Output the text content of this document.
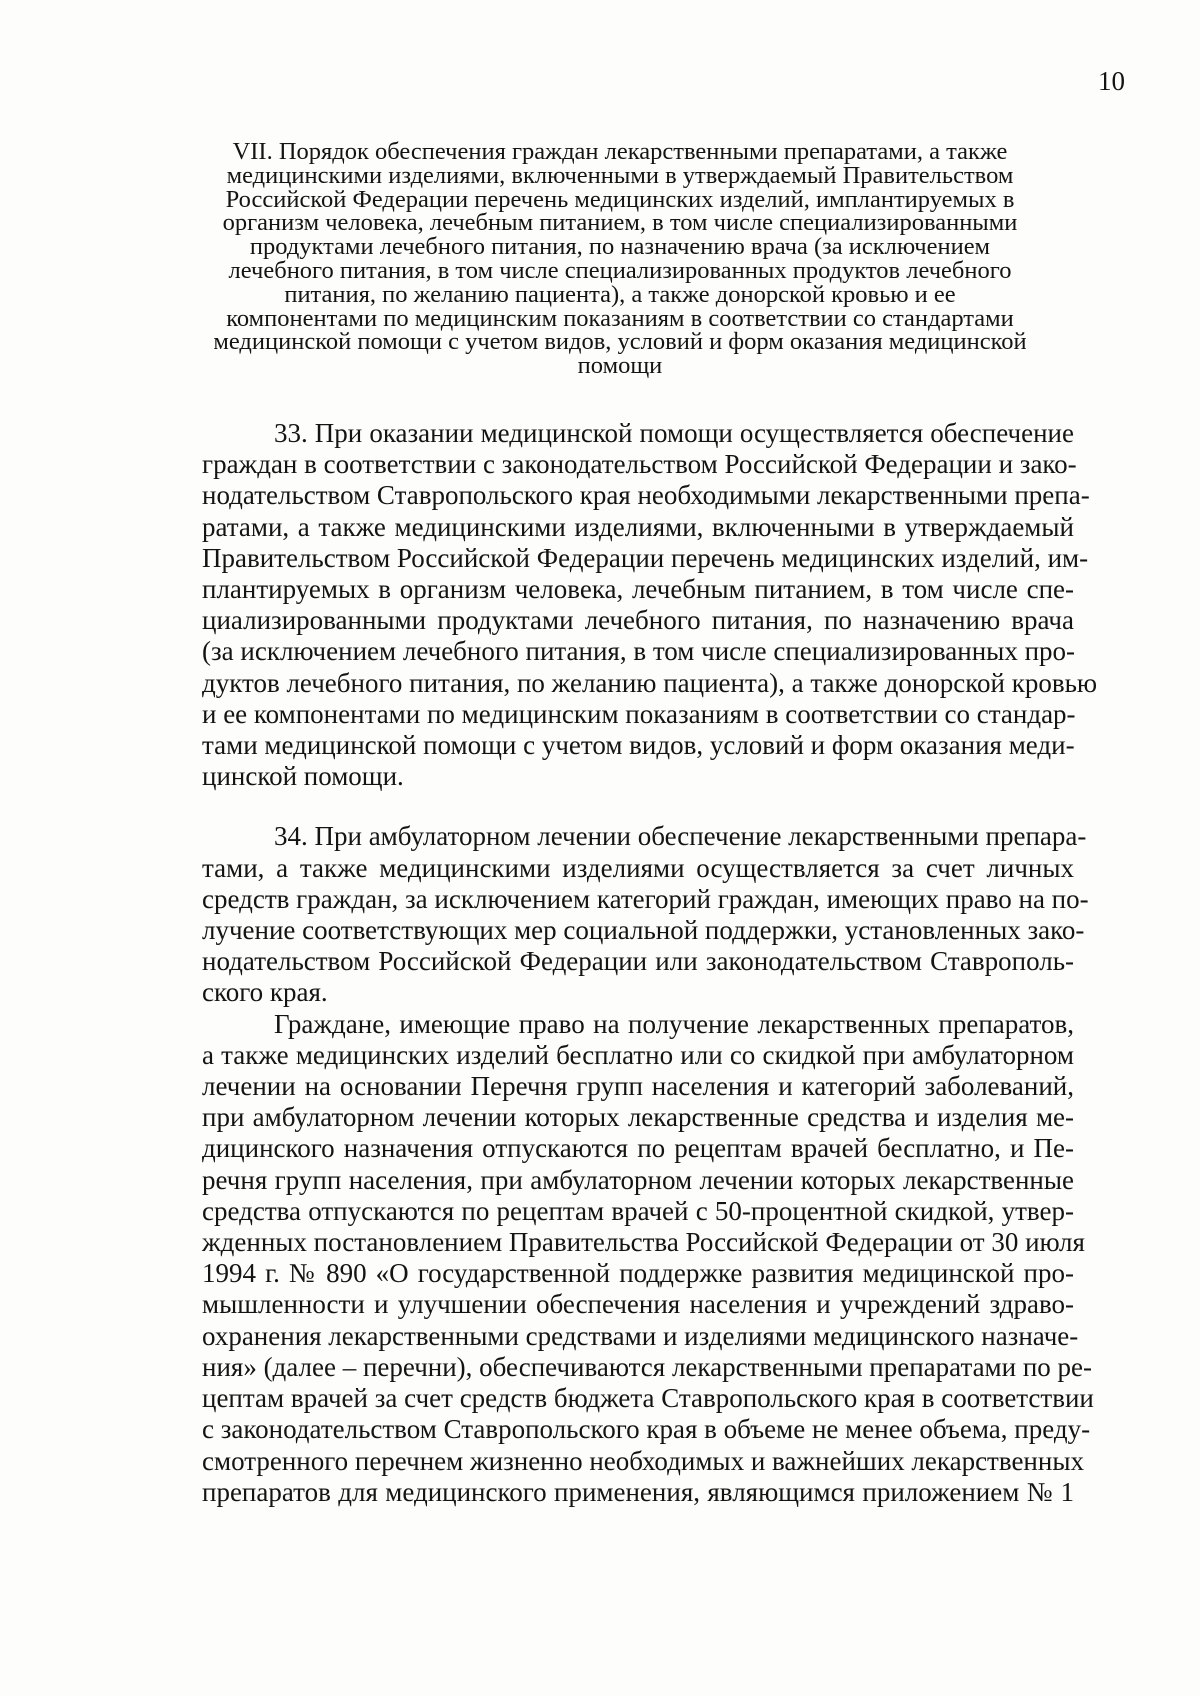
10
VII. Порядок обеспечения граждан лекарственными препаратами, а также
медицинскими изделиями, включенными в утверждаемый Правительством
Российской Федерации перечень медицинских изделий, имплантируемых в
организм человека, лечебным питанием, в том числе специализированными
продуктами лечебного питания, по назначению врача (за исключением
лечебного питания, в том числе специализированных продуктов лечебного
питания, по желанию пациента), а также донорской кровью и ее
компонентами по медицинским показаниям в соответствии со стандартами
медицинской помощи с учетом видов, условий и форм оказания медицинской
помощи
33. При оказании медицинской помощи осуществляется обеспечение
граждан в соответствии с законодательством Российской Федерации и зако-
нодательством Ставропольского края необходимыми лекарственными препа-
ратами, а также медицинскими изделиями, включенными в утверждаемый
Правительством Российской Федерации перечень медицинских изделий, им-
плантируемых в организм человека, лечебным питанием, в том числе спе-
циализированными продуктами лечебного питания, по назначению врача
(за исключением лечебного питания, в том числе специализированных про-
дуктов лечебного питания, по желанию пациента), а также донорской кровью
и ее компонентами по медицинским показаниям в соответствии со стандар-
тами медицинской помощи с учетом видов, условий и форм оказания меди-
цинской помощи.
34. При амбулаторном лечении обеспечение лекарственными препара-
тами, а также медицинскими изделиями осуществляется за счет личных
средств граждан, за исключением категорий граждан, имеющих право на по-
лучение соответствующих мер социальной поддержки, установленных зако-
нодательством Российской Федерации или законодательством Ставрополь-
ского края.
Граждане, имеющие право на получение лекарственных препаратов,
а также медицинских изделий бесплатно или со скидкой при амбулаторном
лечении на основании Перечня групп населения и категорий заболеваний,
при амбулаторном лечении которых лекарственные средства и изделия ме-
дицинского назначения отпускаются по рецептам врачей бесплатно, и Пе-
речня групп населения, при амбулаторном лечении которых лекарственные
средства отпускаются по рецептам врачей с 50-процентной скидкой, утвер-
жденных постановлением Правительства Российской Федерации от 30 июля
1994 г. № 890 «О государственной поддержке развития медицинской про-
мышленности и улучшении обеспечения населения и учреждений здраво-
охранения лекарственными средствами и изделиями медицинского назначе-
ния» (далее – перечни), обеспечиваются лекарственными препаратами по ре-
цептам врачей за счет средств бюджета Ставропольского края в соответствии
с законодательством Ставропольского края в объеме не менее объема, преду-
смотренного перечнем жизненно необходимых и важнейших лекарственных
препаратов для медицинского применения, являющимся приложением № 1
